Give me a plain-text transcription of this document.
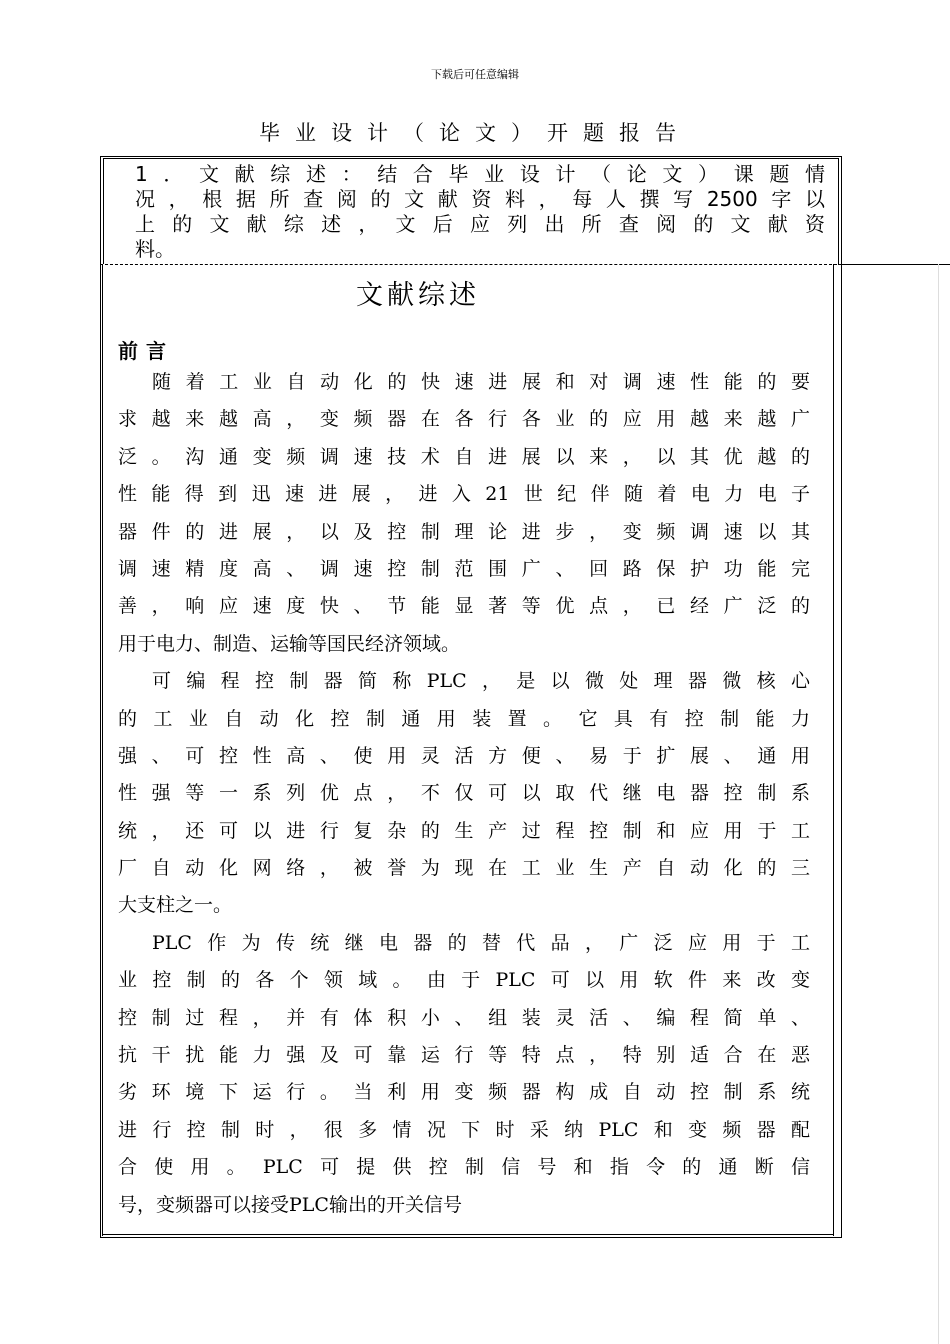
下载后可任意编辑
毕业设计（论文）开题报告
1．文献综述：结合毕业设计（论文）课题情
况，根据所查阅的文献资料，每人撰写2500字以
上的文献综述，文后应列出所查阅的文献资
料。
文献综述
前言
随着工业自动化的快速进展和对调速性能的要
求越来越高，变频器在各行各业的应用越来越广
泛。沟通变频调速技术自进展以来，以其优越的
性能得到迅速进展，进入21世纪伴随着电力电子
器件的进展，以及控制理论进步，变频调速以其
调速精度高、调速控制范围广、回路保护功能完
善，响应速度快、节能显著等优点，已经广泛的
用于电力、制造、运输等国民经济领域。
可编程控制器简称PLC，是以微处理器微核心
的工业自动化控制通用装置。它具有控制能力
强、可控性高、使用灵活方便、易于扩展、通用
性强等一系列优点，不仅可以取代继电器控制系
统，还可以进行复杂的生产过程控制和应用于工
厂自动化网络，被誉为现在工业生产自动化的三
大支柱之一。
PLC作为传统继电器的替代品，广泛应用于工
业控制的各个领域。由于PLC可以用软件来改变
控制过程，并有体积小、组装灵活、编程简单、
抗干扰能力强及可靠运行等特点，特别适合在恶
劣环境下运行。当利用变频器构成自动控制系统
进行控制时，很多情况下时采纳PLC和变频器配
合使用。PLC可提供控制信号和指令的通断信
号，变频器可以接受PLC输出的开关信号
